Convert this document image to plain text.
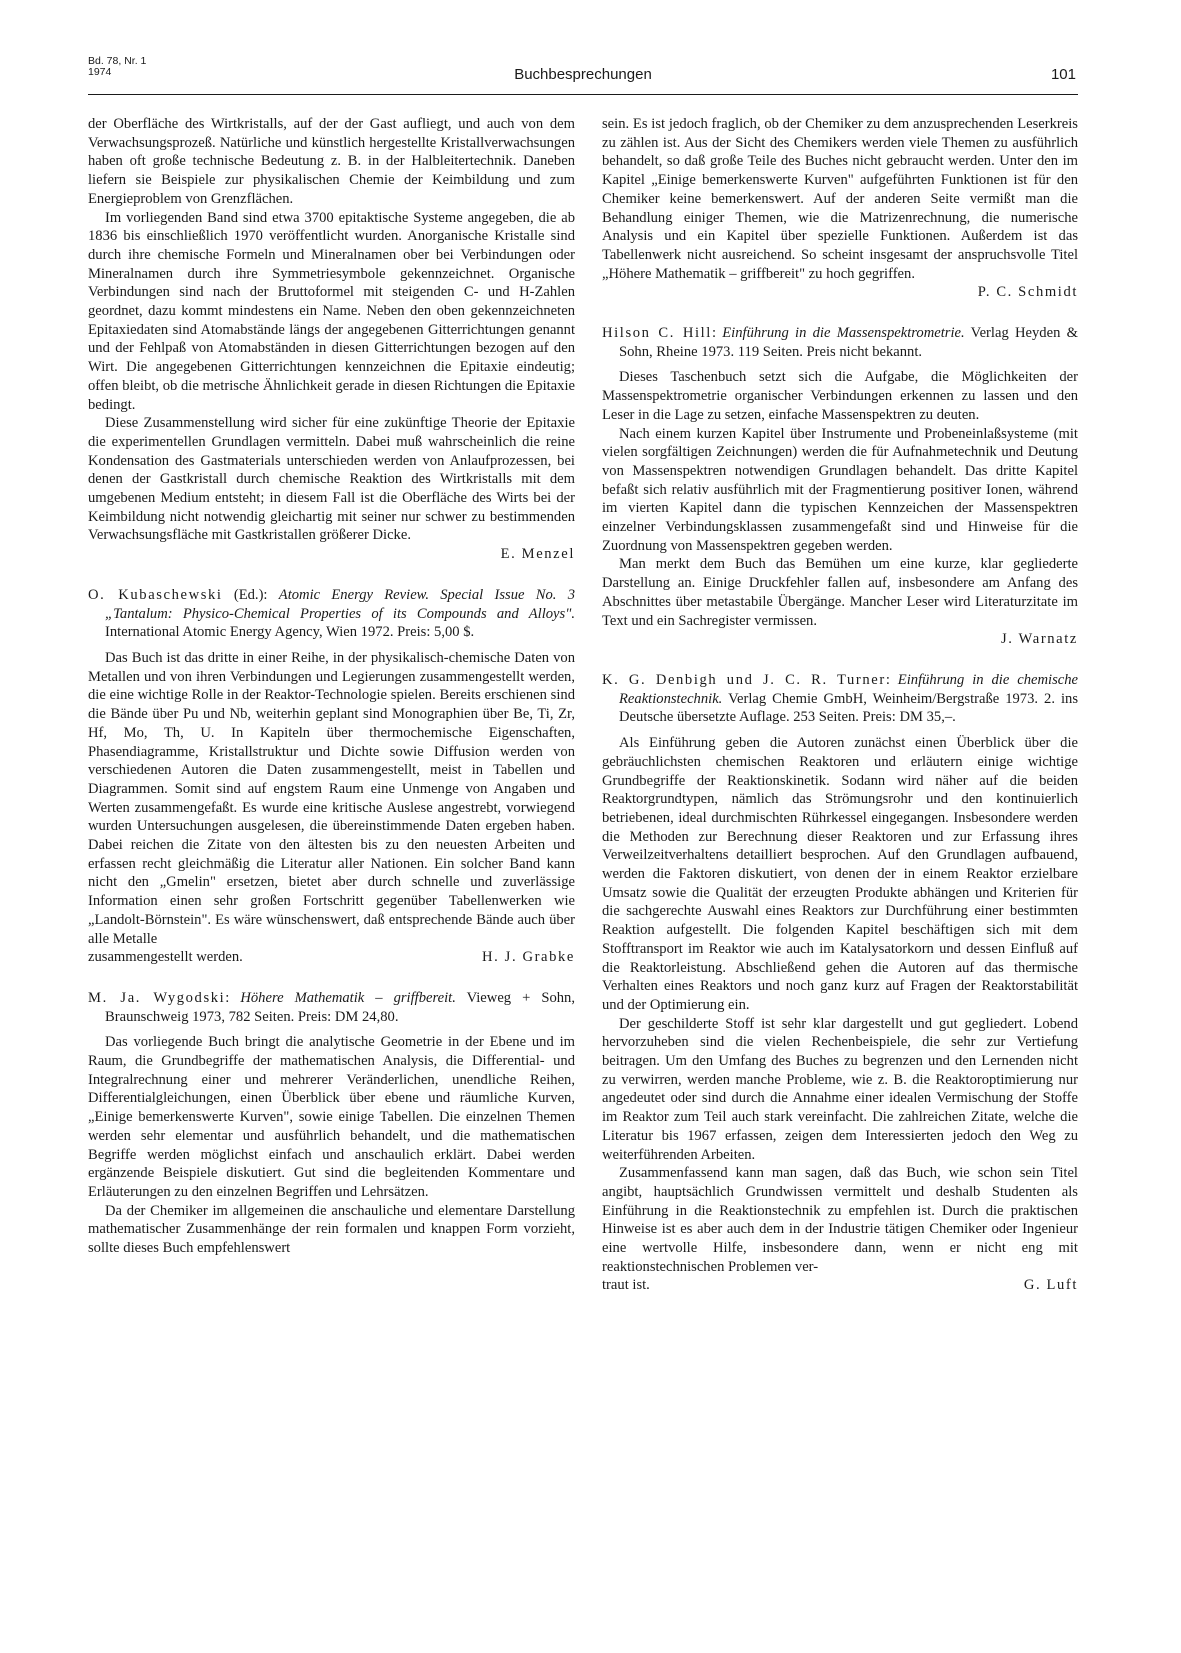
Bd. 78, Nr. 1
1974	Buchbesprechungen	101

der Oberfläche des Wirtkristalls, auf der der Gast aufliegt, und auch von dem Verwachsungsprozeß. Natürliche und künstlich hergestellte Kristallverwachsungen haben oft große technische Bedeutung z. B. in der Halbleitertechnik. Daneben liefern sie Beispiele zur physikalischen Chemie der Keimbildung und zum Energieproblem von Grenzflächen.

Im vorliegenden Band sind etwa 3700 epitaktische Systeme angegeben, die ab 1836 bis einschließlich 1970 veröffentlicht wurden. Anorganische Kristalle sind durch ihre chemische Formeln und Mineralnamen ober bei Verbindungen oder Mineralnamen durch ihre Symmetriesymbole gekennzeichnet. Organische Verbindungen sind nach der Bruttoformel mit steigenden C- und H-Zahlen geordnet, dazu kommt mindestens ein Name. Neben den oben gekennzeichneten Epitaxiedaten sind Atomabstände längs der angegebenen Gitterrichtungen genannt und der Fehlpaß von Atomabständen in diesen Gitterrichtungen bezogen auf den Wirt. Die angegebenen Gitterrichtungen kennzeichnen die Epitaxie eindeutig; offen bleibt, ob die metrische Ähnlichkeit gerade in diesen Richtungen die Epitaxie bedingt.

Diese Zusammenstellung wird sicher für eine zukünftige Theorie der Epitaxie die experimentellen Grundlagen vermitteln. Dabei muß wahrscheinlich die reine Kondensation des Gastmaterials unterschieden werden von Anlaufprozessen, bei denen der Gastkristall durch chemische Reaktion des Wirtkristalls mit dem umgebenen Medium entsteht; in diesem Fall ist die Oberfläche des Wirts bei der Keimbildung nicht notwendig gleichartig mit seiner nur schwer zu bestimmenden Verwachsungsfläche mit Gastkristallen größerer Dicke.

E. Menzel
O. Kubaschewski (Ed.): Atomic Energy Review. Special Issue No. 3 „Tantalum: Physico-Chemical Properties of its Compounds and Alloys". International Atomic Energy Agency, Wien 1972. Preis: 5,00 $.

Das Buch ist das dritte in einer Reihe, in der physikalisch-chemische Daten von Metallen und von ihren Verbindungen und Legierungen zusammengestellt werden, die eine wichtige Rolle in der Reaktor-Technologie spielen. Bereits erschienen sind die Bände über Pu und Nb, weiterhin geplant sind Monographien über Be, Ti, Zr, Hf, Mo, Th, U. In Kapiteln über thermochemische Eigenschaften, Phasendiagramme, Kristallstruktur und Dichte sowie Diffusion werden von verschiedenen Autoren die Daten zusammengestellt, meist in Tabellen und Diagrammen. Somit sind auf engstem Raum eine Unmenge von Angaben und Werten zusammengefaßt. Es wurde eine kritische Auslese angestrebt, vorwiegend wurden Untersuchungen ausgelesen, die übereinstimmende Daten ergeben haben. Dabei reichen die Zitate von den ältesten bis zu den neuesten Arbeiten und erfassen recht gleichmäßig die Literatur aller Nationen. Ein solcher Band kann nicht den „Gmelin" ersetzen, bietet aber durch schnelle und zuverlässige Information einen sehr großen Fortschritt gegenüber Tabellenwerken wie „Landolt-Börnstein". Es wäre wünschenswert, daß entsprechende Bände auch über alle Metalle

zusammengestellt werden.	H. J. Grabke

M. Ja. Wygodski: Höhere Mathematik – griffbereit. Vieweg + Sohn, Braunschweig 1973, 782 Seiten. Preis: DM 24,80.

Das vorliegende Buch bringt die analytische Geometrie in der Ebene und im Raum, die Grundbegriffe der mathematischen Analysis, die Differential- und Integralrechnung einer und mehrerer Veränderlichen, unendliche Reihen, Differentialgleichungen, einen Überblick über ebene und räumliche Kurven, „Einige bemerkenswerte Kurven", sowie einige Tabellen. Die einzelnen Themen werden sehr elementar und ausführlich behandelt, und die mathematischen Begriffe werden möglichst einfach und anschaulich erklärt. Dabei werden ergänzende Beispiele diskutiert. Gut sind die begleitenden Kommentare und Erläuterungen zu den einzelnen Begriffen und Lehrsätzen.

Da der Chemiker im allgemeinen die anschauliche und elementare Darstellung mathematischer Zusammenhänge der rein formalen und knappen Form vorzieht, sollte dieses Buch empfehlenswert

sein. Es ist jedoch fraglich, ob der Chemiker zu dem anzusprechenden Leserkreis zu zählen ist. Aus der Sicht des Chemikers werden viele Themen zu ausführlich behandelt, so daß große Teile des Buches nicht gebraucht werden. Unter den im Kapitel „Einige bemerkenswerte Kurven" aufgeführten Funktionen ist für den Chemiker keine bemerkenswert. Auf der anderen Seite vermißt man die Behandlung einiger Themen, wie die Matrizenrechnung, die numerische Analysis und ein Kapitel über spezielle Funktionen. Außerdem ist das Tabellenwerk nicht ausreichend. So scheint insgesamt der anspruchsvolle Titel „Höhere Mathematik – griffbereit" zu hoch gegriffen.

P. C. Schmidt
Hilson C. Hill: Einführung in die Massenspektrometrie. Verlag Heyden & Sohn, Rheine 1973. 119 Seiten. Preis nicht bekannt.

Dieses Taschenbuch setzt sich die Aufgabe, die Möglichkeiten der Massenspektrometrie organischer Verbindungen erkennen zu lassen und den Leser in die Lage zu setzen, einfache Massenspektren zu deuten.

Nach einem kurzen Kapitel über Instrumente und Probeneinlaßsysteme (mit vielen sorgfältigen Zeichnungen) werden die für Aufnahmetechnik und Deutung von Massenspektren notwendigen Grundlagen behandelt. Das dritte Kapitel befaßt sich relativ ausführlich mit der Fragmentierung positiver Ionen, während im vierten Kapitel dann die typischen Kennzeichen der Massenspektren einzelner Verbindungsklassen zusammengefaßt sind und Hinweise für die Zuordnung von Massenspektren gegeben werden.

Man merkt dem Buch das Bemühen um eine kurze, klar gegliederte Darstellung an. Einige Druckfehler fallen auf, insbesondere am Anfang des Abschnittes über metastabile Übergänge. Mancher Leser wird Literaturzitate im Text und ein Sachregister vermissen.

J. Warnatz
K. G. Denbigh und J. C. R. Turner: Einführung in die chemische Reaktionstechnik. Verlag Chemie GmbH, Weinheim/Bergstraße 1973. 2. ins Deutsche übersetzte Auflage. 253 Seiten. Preis: DM 35,–.

Als Einführung geben die Autoren zunächst einen Überblick über die gebräuchlichsten chemischen Reaktoren und erläutern einige wichtige Grundbegriffe der Reaktionskinetik. Sodann wird näher auf die beiden Reaktorgrundtypen, nämlich das Strömungsrohr und den kontinuierlich betriebenen, ideal durchmischten Rührkessel eingegangen. Insbesondere werden die Methoden zur Berechnung dieser Reaktoren und zur Erfassung ihres Verweilzeitverhaltens detailliert besprochen. Auf den Grundlagen aufbauend, werden die Faktoren diskutiert, von denen der in einem Reaktor erzielbare Umsatz sowie die Qualität der erzeugten Produkte abhängen und Kriterien für die sachgerechte Auswahl eines Reaktors zur Durchführung einer bestimmten Reaktion aufgestellt. Die folgenden Kapitel beschäftigen sich mit dem Stofftransport im Reaktor wie auch im Katalysatorkorn und dessen Einfluß auf die Reaktorleistung. Abschließend gehen die Autoren auf das thermische Verhalten eines Reaktors und noch ganz kurz auf Fragen der Reaktorstabilität und der Optimierung ein.

Der geschilderte Stoff ist sehr klar dargestellt und gut gegliedert. Lobend hervorzuheben sind die vielen Rechenbeispiele, die sehr zur Vertiefung beitragen. Um den Umfang des Buches zu begrenzen und den Lernenden nicht zu verwirren, werden manche Probleme, wie z. B. die Reaktoroptimierung nur angedeutet oder sind durch die Annahme einer idealen Vermischung der Stoffe im Reaktor zum Teil auch stark vereinfacht. Die zahlreichen Zitate, welche die Literatur bis 1967 erfassen, zeigen dem Interessierten jedoch den Weg zu weiterführenden Arbeiten.

Zusammenfassend kann man sagen, daß das Buch, wie schon sein Titel angibt, hauptsächlich Grundwissen vermittelt und deshalb Studenten als Einführung in die Reaktionstechnik zu empfehlen ist. Durch die praktischen Hinweise ist es aber auch dem in der Industrie tätigen Chemiker oder Ingenieur eine wertvolle Hilfe, insbesondere dann, wenn er nicht eng mit reaktionstechnischen Problemen ver-

traut ist.	G. Luft
